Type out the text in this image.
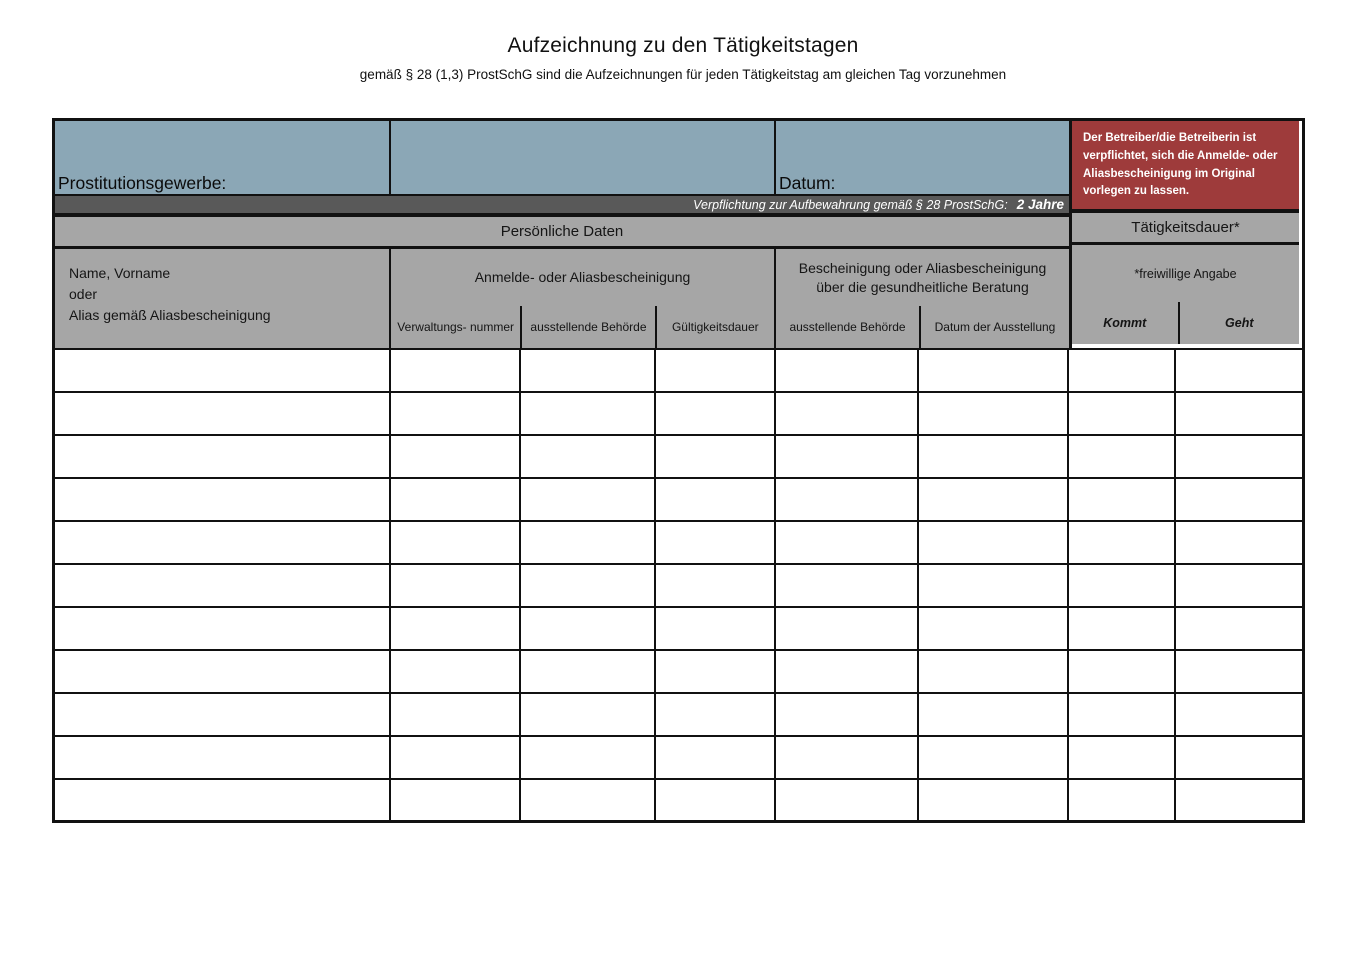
Aufzeichnung zu den Tätigkeitstagen
gemäß § 28 (1,3) ProstSchG sind die Aufzeichnungen für jeden Tätigkeitstag am gleichen Tag vorzunehmen
Prostitutionsgewerbe:	Datum:
Verpflichtung zur Aufbewahrung gemäß § 28 ProstSchG: 2 Jahre
Persönliche Daten
Name, Vorname
oder
Alias gemäß Aliasbescheinigung
Anmelde- oder Aliasbescheinigung
Verwaltungs- nummer ausstellende Behörde Gültigkeitsdauer
Bescheinigung oder Aliasbescheinigung
über die gesundheitliche Beratung
ausstellende Behörde Datum der Ausstellung
Der Betreiber/die Betreiberin ist verpflichtet, sich die Anmelde- oder Aliasbescheinigung im Original vorlegen zu lassen.
Tätigkeitsdauer*
*freiwillige Angabe
Kommt	Geht
